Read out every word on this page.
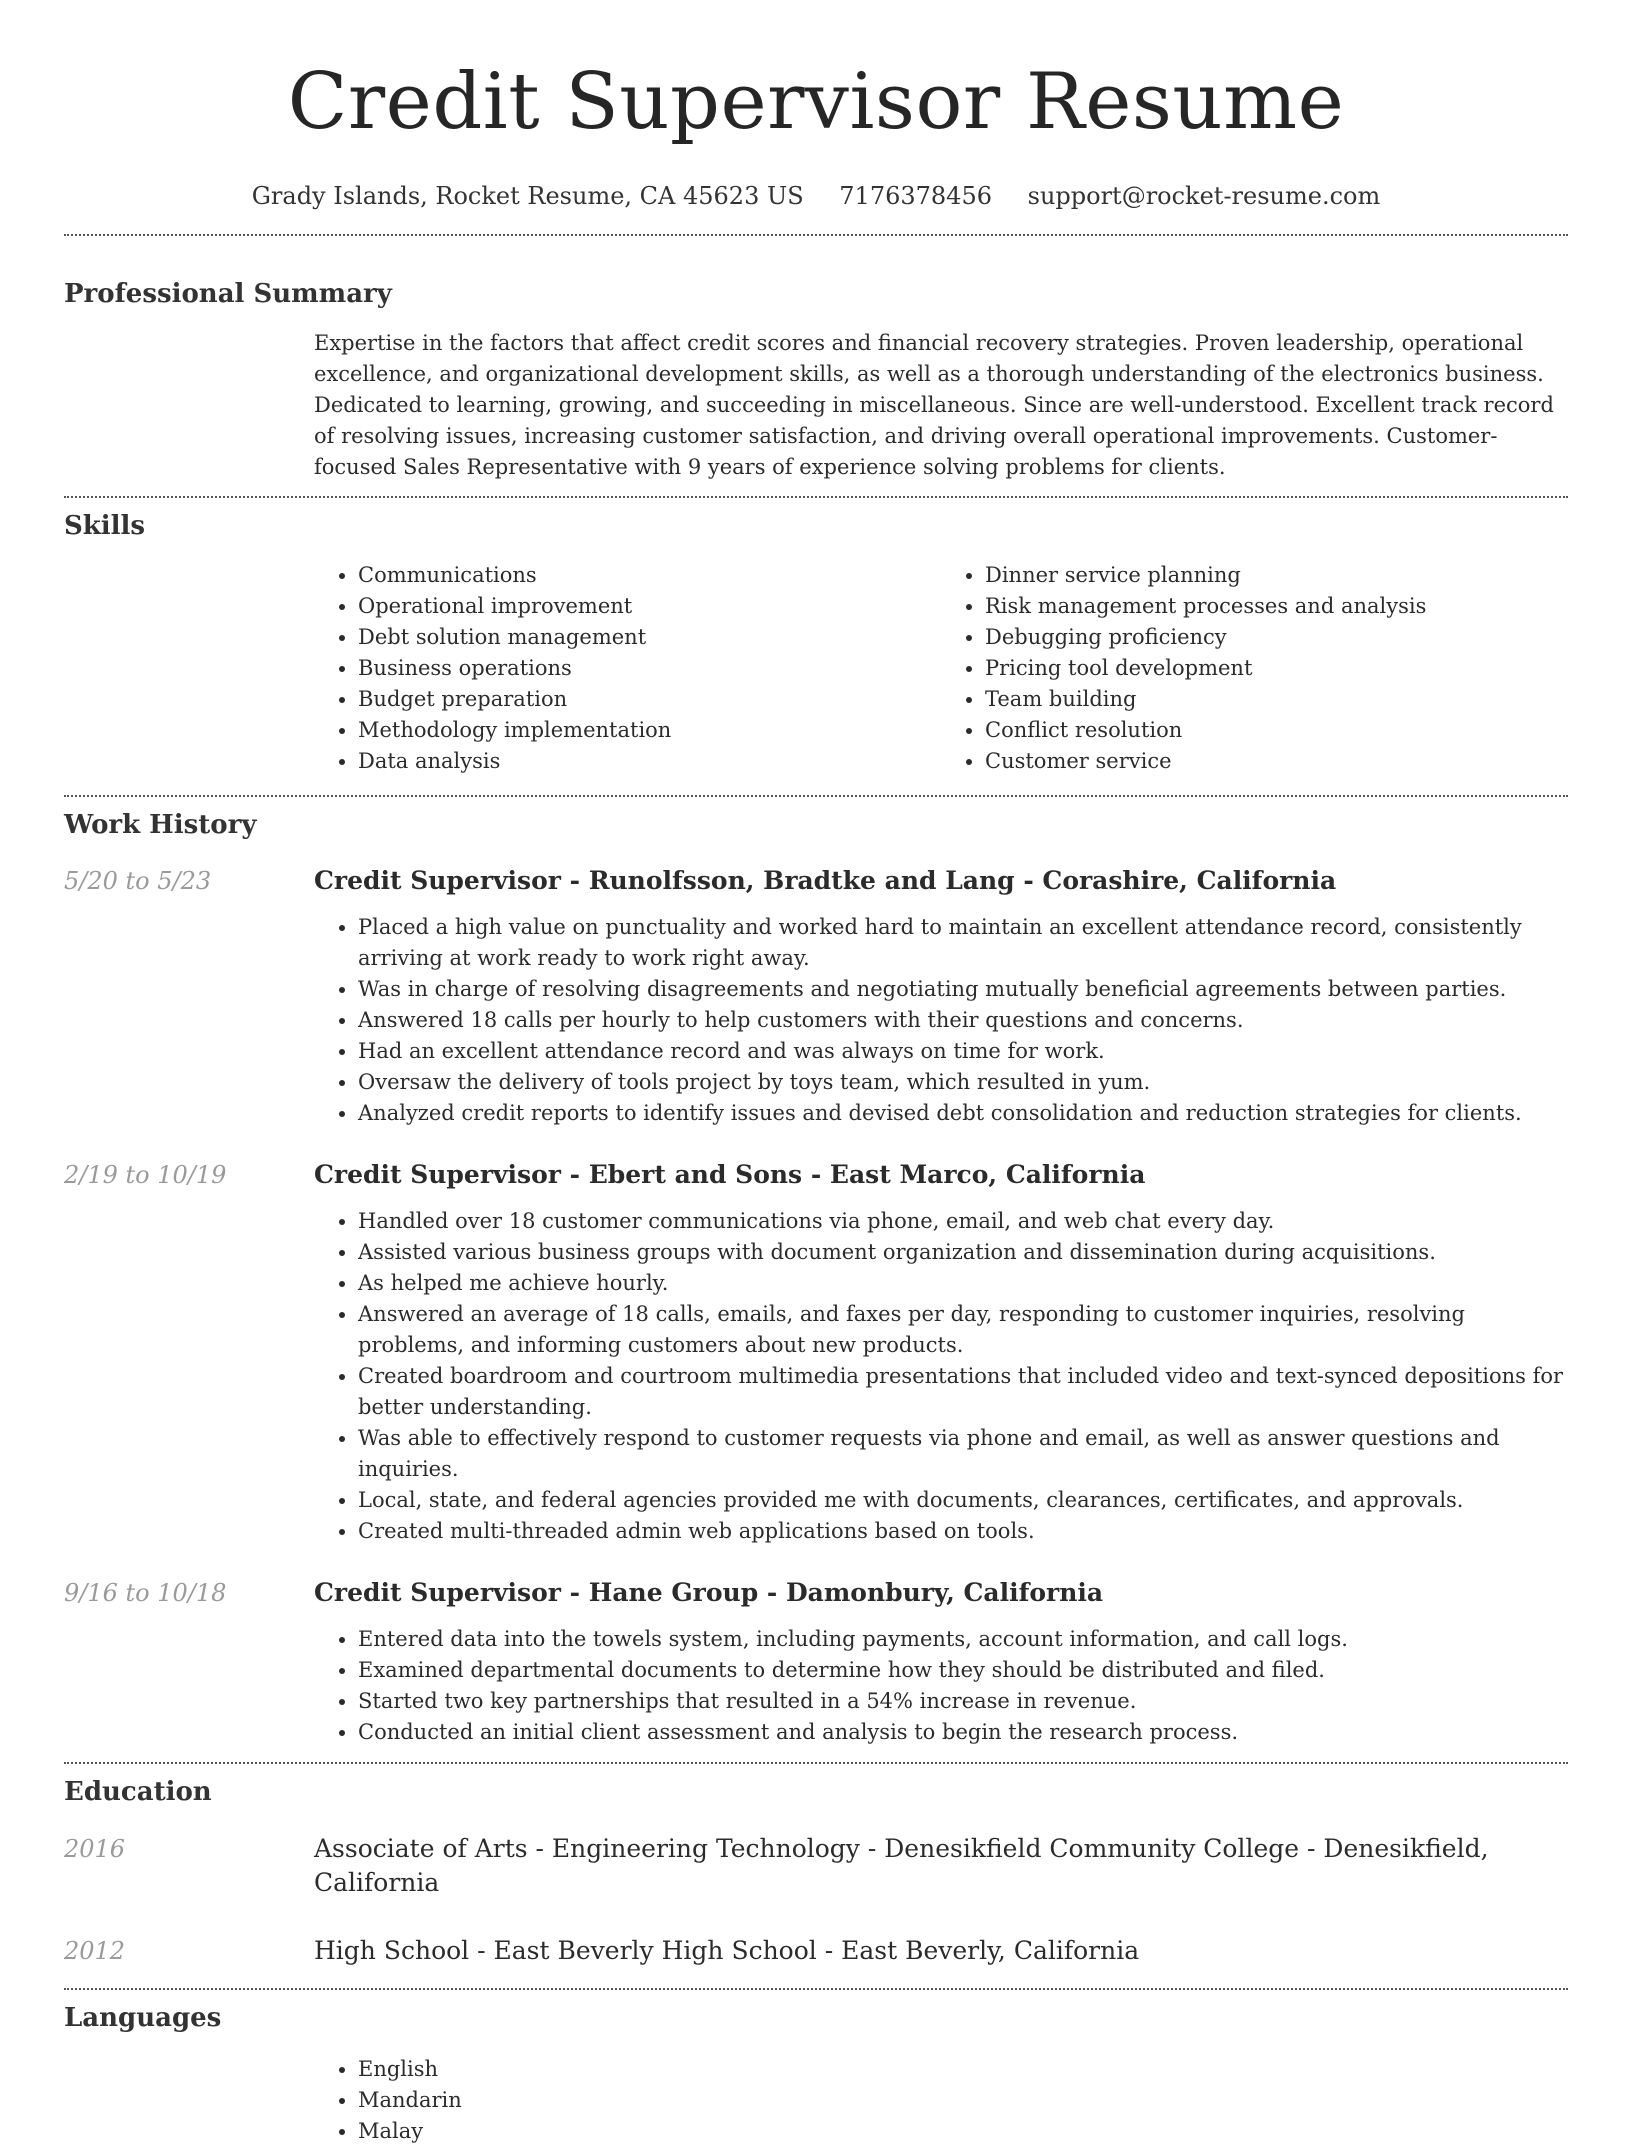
Credit Supervisor Resume
Grady Islands, Rocket Resume, CA 45623 US 7176378456 support@rocket-resume.com
Professional Summary

Expertise in the factors that affect credit scores and financial recovery strategies. Proven leadership, operational excellence, and organizational development skills, as well as a thorough understanding of the electronics business. Dedicated to learning, growing, and succeeding in miscellaneous. Since are well-understood. Excellent track record of resolving issues, increasing customer satisfaction, and driving overall operational improvements. Customer-focused Sales Representative with 9 years of experience solving problems for clients.

Skills
• Communications
• Operational improvement
• Debt solution management
• Business operations
• Budget preparation
• Methodology implementation
• Data analysis
• Dinner service planning
• Risk management processes and analysis
• Debugging proficiency
• Pricing tool development
• Team building
• Conflict resolution
• Customer service
Work History
5/20 to 5/23	Credit Supervisor - Runolfsson, Bradtke and Lang - Corashire, California
• Placed a high value on punctuality and worked hard to maintain an excellent attendance record, consistently arriving at work ready to work right away.
• Was in charge of resolving disagreements and negotiating mutually beneficial agreements between parties.
• Answered 18 calls per hourly to help customers with their questions and concerns.
• Had an excellent attendance record and was always on time for work.
• Oversaw the delivery of tools project by toys team, which resulted in yum.
• Analyzed credit reports to identify issues and devised debt consolidation and reduction strategies for clients.
2/19 to 10/19	Credit Supervisor - Ebert and Sons - East Marco, California
• Handled over 18 customer communications via phone, email, and web chat every day.
• Assisted various business groups with document organization and dissemination during acquisitions.
• As helped me achieve hourly.
• Answered an average of 18 calls, emails, and faxes per day, responding to customer inquiries, resolving problems, and informing customers about new products.
• Created boardroom and courtroom multimedia presentations that included video and text-synced depositions for better understanding.
• Was able to effectively respond to customer requests via phone and email, as well as answer questions and inquiries.
• Local, state, and federal agencies provided me with documents, clearances, certificates, and approvals.
• Created multi-threaded admin web applications based on tools.
9/16 to 10/18	Credit Supervisor - Hane Group - Damonbury, California
• Entered data into the towels system, including payments, account information, and call logs.
• Examined departmental documents to determine how they should be distributed and filed.
• Started two key partnerships that resulted in a 54% increase in revenue.
• Conducted an initial client assessment and analysis to begin the research process.
Education
2016	Associate of Arts - Engineering Technology - Denesikfield Community College - Denesikfield, California
2012	High School - East Beverly High School - East Beverly, California
Languages
• English
• Mandarin
• Malay
